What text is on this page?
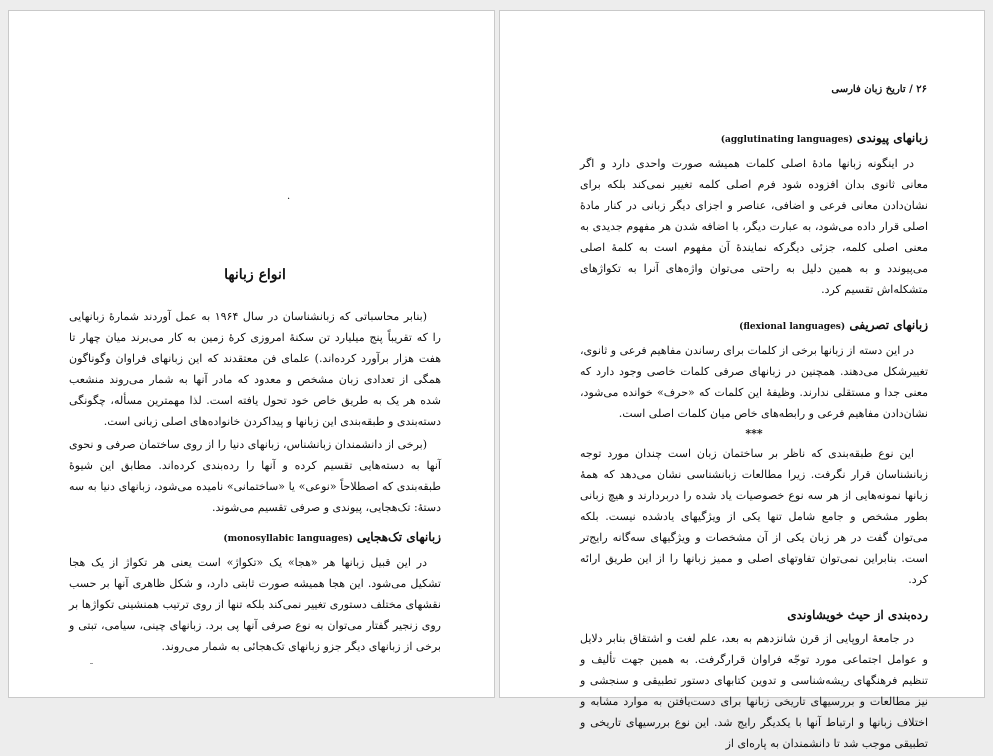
.
انواع زبانها

(بنابر محاسباتی که زبانشناسان در سال ۱۹۶۴ به عمل آوردند شمارهٔ زبانهایی را که تقریباً پنج میلیارد تن سکنهٔ امروزی کرهٔ زمین به کار می‌برند میان چهار تا هفت هزار برآورد کرده‌اند.) علمای فن معتقدند که این زبانهای فراوان وگوناگون همگی از تعدادی زبان مشخص و معدود که مادر آنها به شمار می‌روند منشعب شده هر یک به طریق خاص خود تحول یافته است. لذا مهمترین مسأله، چگونگی دسته‌بندی و طبقه‌بندی این زبانها و پیداکردن خانواده‌های اصلی زبانی است.

(برخی از دانشمندان زبانشناس، زبانهای دنیا را از روی ساختمان صرفی و نحوی آنها به دسته‌هایی تقسیم کرده و آنها را رده‌بندی کرده‌اند. مطابق این شیوهٔ طبقه‌بندی که اصطلاحاً «نوعی» یا «ساختمانی» نامیده می‌شود، زبانهای دنیا به سه دستهٔ: تک‌هجایی، پیوندی و صرفی تقسیم می‌شوند.

زبانهای تک‌هجایی (monosyllabic languages)

در این قبیل زبانها هر «هجا» یک «تکواژ» است یعنی هر تکواژ از یک هجا تشکیل می‌شود. این هجا همیشه صورت ثابتی دارد، و شکل ظاهری آنها بر حسب نقشهای مختلف دستوری تغییر نمی‌کند بلکه تنها از روی ترتیب همنشینی تکواژها بر روی زنجیر گفتار می‌توان به نوع صرفی آنها پی برد. زبانهای چینی، سیامی، تبتی و برخی از زبانهای دیگر جزو زبانهای تک‌هجائی به شمار می‌روند.

۲۶ / تاریخ زبان فارسی
زبانهای پیوندی (agglutinating languages)

در اینگونه زبانها مادهٔ اصلی کلمات همیشه صورت واحدی دارد و اگر معانی ثانوی بدان افزوده شود فرم اصلی کلمه تغییر نمی‌کند بلکه برای نشان‌دادن معانی فرعی و اضافی، عناصر و اجزای دیگر زبانی در کنار مادهٔ اصلی قرار داده می‌شود، به عبارت دیگر، با اضافه شدن هر مفهوم جدیدی به معنی اصلی کلمه، جزئی دیگرکه نمایندهٔ آن مفهوم است به کلمهٔ اصلی می‌پیوندد و به همین دلیل به راحتی می‌توان واژه‌های آنرا به تکواژهای متشکله‌اش تقسیم کرد.

زبانهای تصریفی (flexional languages)

در این دسته از زبانها برخی از کلمات برای رساندن مفاهیم فرعی و ثانوی، تغییرشکل می‌دهند. همچنین در زبانهای صرفی کلمات خاصی وجود دارد که معنی جدا و مستقلی ندارند. وظیفهٔ این کلمات که «حرف» خوانده می‌شود، نشان‌دادن مفاهیم فرعی و رابطه‌های خاص میان کلمات اصلی است.

***

این نوع طبقه‌بندی که ناظر بر ساختمان زبان است چندان مورد توجه زبانشناسان قرار نگرفت. زیرا مطالعات زبانشناسی نشان می‌دهد که همهٔ زبانها نمونه‌هایی از هر سه نوع خصوصیات یاد شده را دربردارند و هیچ زبانی بطور مشخص و جامع شامل تنها یکی از ویژگیهای یادشده نیست. بلکه می‌توان گفت در هر زبان یکی از آن مشخصات و ویژگیهای سه‌گانه رایج‌تر است. بنابراین نمی‌توان تفاوتهای اصلی و ممیز زبانها را از این طریق ارائه کرد.

رده‌بندی از حیث خویشاوندی

در جامعهٔ اروپایی از قرن شانزدهم به بعد، علم لغت و اشتقاق بنابر دلایل و عوامل اجتماعی مورد توجّه فراوان قرارگرفت. به همین جهت تألیف و تنظیم فرهنگهای ریشه‌شناسی و تدوین کتابهای دستور تطبیقی و سنجشی و نیز مطالعات و بررسیهای تاریخی زبانها برای دست‌یافتن به موارد مشابه و اختلاف زبانها و ارتباط آنها با یکدیگر رایج شد. این نوع بررسیهای تاریخی و تطبیقی موجب شد تا دانشمندان به پاره‌ای از
